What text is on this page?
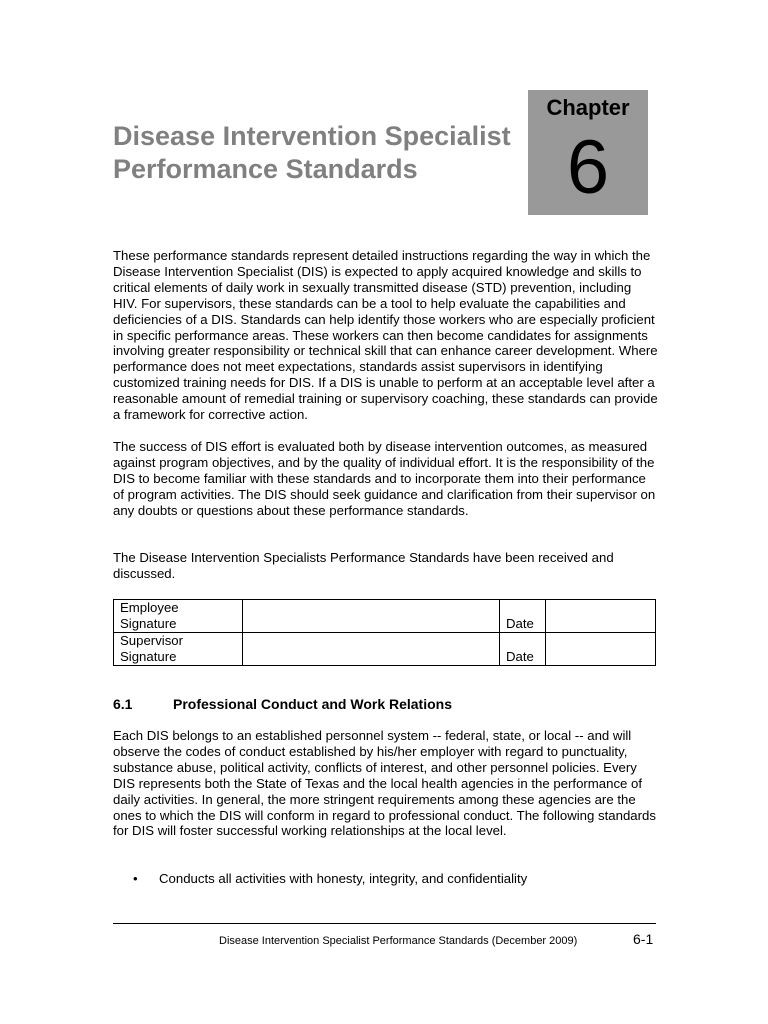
Disease Intervention Specialist
Performance Standards
Chapter
6

These performance standards represent detailed instructions regarding the way in which the Disease Intervention Specialist (DIS) is expected to apply acquired knowledge and skills to critical elements of daily work in sexually transmitted disease (STD) prevention, including HIV. For supervisors, these standards can be a tool to help evaluate the capabilities and deficiencies of a DIS. Standards can help identify those workers who are especially proficient in specific performance areas. These workers can then become candidates for assignments involving greater responsibility or technical skill that can enhance career development. Where performance does not meet expectations, standards assist supervisors in identifying customized training needs for DIS. If a DIS is unable to perform at an acceptable level after a reasonable amount of remedial training or supervisory coaching, these standards can provide a framework for corrective action.

The success of DIS effort is evaluated both by disease intervention outcomes, as measured against program objectives, and by the quality of individual effort. It is the responsibility of the DIS to become familiar with these standards and to incorporate them into their performance of program activities. The DIS should seek guidance and clarification from their supervisor on any doubts or questions about these performance standards.

The Disease Intervention Specialists Performance Standards have been received and discussed.

Employee
Signature		Date	

Supervisor
Signature		Date	
6.1	Professional Conduct and Work Relations

Each DIS belongs to an established personnel system -- federal, state, or local -- and will observe the codes of conduct established by his/her employer with regard to punctuality, substance abuse, political activity, conflicts of interest, and other personnel policies. Every DIS represents both the State of Texas and the local health agencies in the performance of daily activities. In general, the more stringent requirements among these agencies are the ones to which the DIS will conform in regard to professional conduct. The following standards for DIS will foster successful working relationships at the local level.

• Conducts all activities with honesty, integrity, and confidentiality
Disease Intervention Specialist Performance Standards (December 2009)	6-1
